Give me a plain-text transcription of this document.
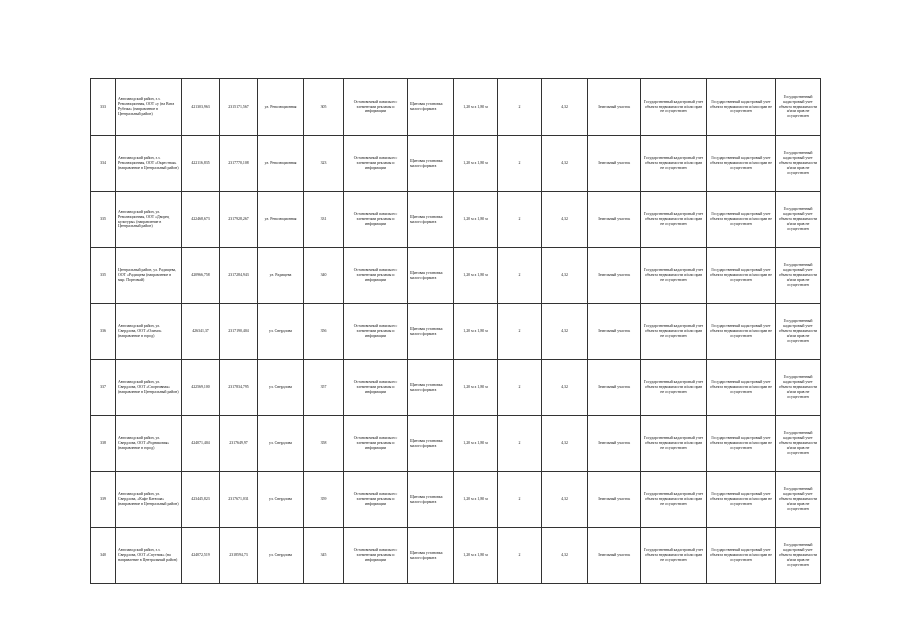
333	Автозаводский район, з.з. Революционная, ООТ «у (на Вита Рубежа» (направление в Центральный район)	421303,963	2315171,567	ул. Революционная	305	Остановочный павильон с элементами рекламы и информации	Щитовая установка малого формата	1,20 м х 1,80 м	2	4,32	Земельный участок	Государственный кадастровый учет объекта недвижимости и/или прав не осуществлен	Государственный кадастровый учет объекта недвижимости и/или прав не осуществлен	Государственный кадастровый учет объекта недвижимости и/или прав не осуществлен
334	Автозаводский район, з.з. Революционная, ООТ «Окрестная» (направление в Центральный район)	422116,835	2317770,108	ул. Революционная	323	Остановочный павильон с элементами рекламы и информации	Щитовая установка малого формата	1,20 м х 1,80 м	2	4,32	Земельный участок	Государственный кадастровый учет объекта недвижимости и/или прав не осуществлен	Государственный кадастровый учет объекта недвижимости и/или прав не осуществлен	Государственный кадастровый учет объекта недвижимости и/или прав не осуществлен
335	Автозаводский район, ул. Революционная, ООТ «Дворец культуры» (направление в Центральный район)	422468,673	2317928,267	ул. Революционная	331	Остановочный павильон с элементами рекламы и информации	Щитовая установка малого формата	1,20 м х 1,80 м	2	4,32	Земельный участок	Государственный кадастровый учет объекта недвижимости и/или прав не осуществлен	Государственный кадастровый учет объекта недвижимости и/или прав не осуществлен	Государственный кадастровый учет объекта недвижимости и/или прав не осуществлен
335	Центральный район, ул. Радищева, ООТ «Радищева (направление в мкр. Портовый)	420966,758	2317284,943	ул. Радищева	340	Остановочный павильон с элементами рекламы и информации	Щитовая установка малого формата	1,20 м х 1,80 м	2	4,32	Земельный участок	Государственный кадастровый учет объекта недвижимости и/или прав не осуществлен	Государственный кадастровый учет объекта недвижимости и/или прав не осуществлен	Государственный кадастровый учет объекта недвижимости и/или прав не осуществлен
336	Автозаводский район, ул. Свердлова, ООТ «Олимп» (направление в город)	426341,37	2317190,404	ул. Свердлова	356	Остановочный павильон с элементами рекламы и информации	Щитовая установка малого формата	1,20 м х 1,80 м	2	4,32	Земельный участок	Государственный кадастровый учет объекта недвижимости и/или прав не осуществлен	Государственный кадастровый учет объекта недвижимости и/или прав не осуществлен	Государственный кадастровый учет объекта недвижимости и/или прав не осуществлен
337	Автозаводский район, ул. Свердлова, ООТ «Спортивная» (направление в Центральный район)	422569,100	2317834,795	ул. Свердлова	357	Остановочный павильон с элементами рекламы и информации	Щитовая установка малого формата	1,20 м х 1,80 м	2	4,32	Земельный участок	Государственный кадастровый учет объекта недвижимости и/или прав не осуществлен	Государственный кадастровый учет объекта недвижимости и/или прав не осуществлен	Государственный кадастровый учет объекта недвижимости и/или прав не осуществлен
338	Автозаводский район, ул. Свердлова, ООТ «Родниковая» (направление в город)	424071,404	2317649,97	ул. Свердлова	358	Остановочный павильон с элементами рекламы и информации	Щитовая установка малого формата	1,20 м х 1,80 м	2	4,32	Земельный участок	Государственный кадастровый учет объекта недвижимости и/или прав не осуществлен	Государственный кадастровый учет объекта недвижимости и/или прав не осуществлен	Государственный кадастровый учет объекта недвижимости и/или прав не осуществлен
339	Автозаводский район, ул. Свердлова, «Кафе Катюша» (направление в Центральный район)	423445,823	2317671,031	ул. Свердлова	359	Остановочный павильон с элементами рекламы и информации	Щитовая установка малого формата	1,20 м х 1,80 м	2	4,32	Земельный участок	Государственный кадастровый учет объекта недвижимости и/или прав не осуществлен	Государственный кадастровый учет объекта недвижимости и/или прав не осуществлен	Государственный кадастровый учет объекта недвижимости и/или прав не осуществлен
340	Автозаводский район, з.з. Свердлова, ООТ «Спутник» (на направление в Центральный район)	424072,519	2318594,73	ул. Свердлова	345	Остановочный павильон с элементами рекламы и информации	Щитовая установка малого формата	1,20 м х 1,80 м	2	4,32	Земельный участок	Государственный кадастровый учет объекта недвижимости и/или прав не осуществлен	Государственный кадастровый учет объекта недвижимости и/или прав не осуществлен	Государственный кадастровый учет объекта недвижимости и/или прав не осуществлен
